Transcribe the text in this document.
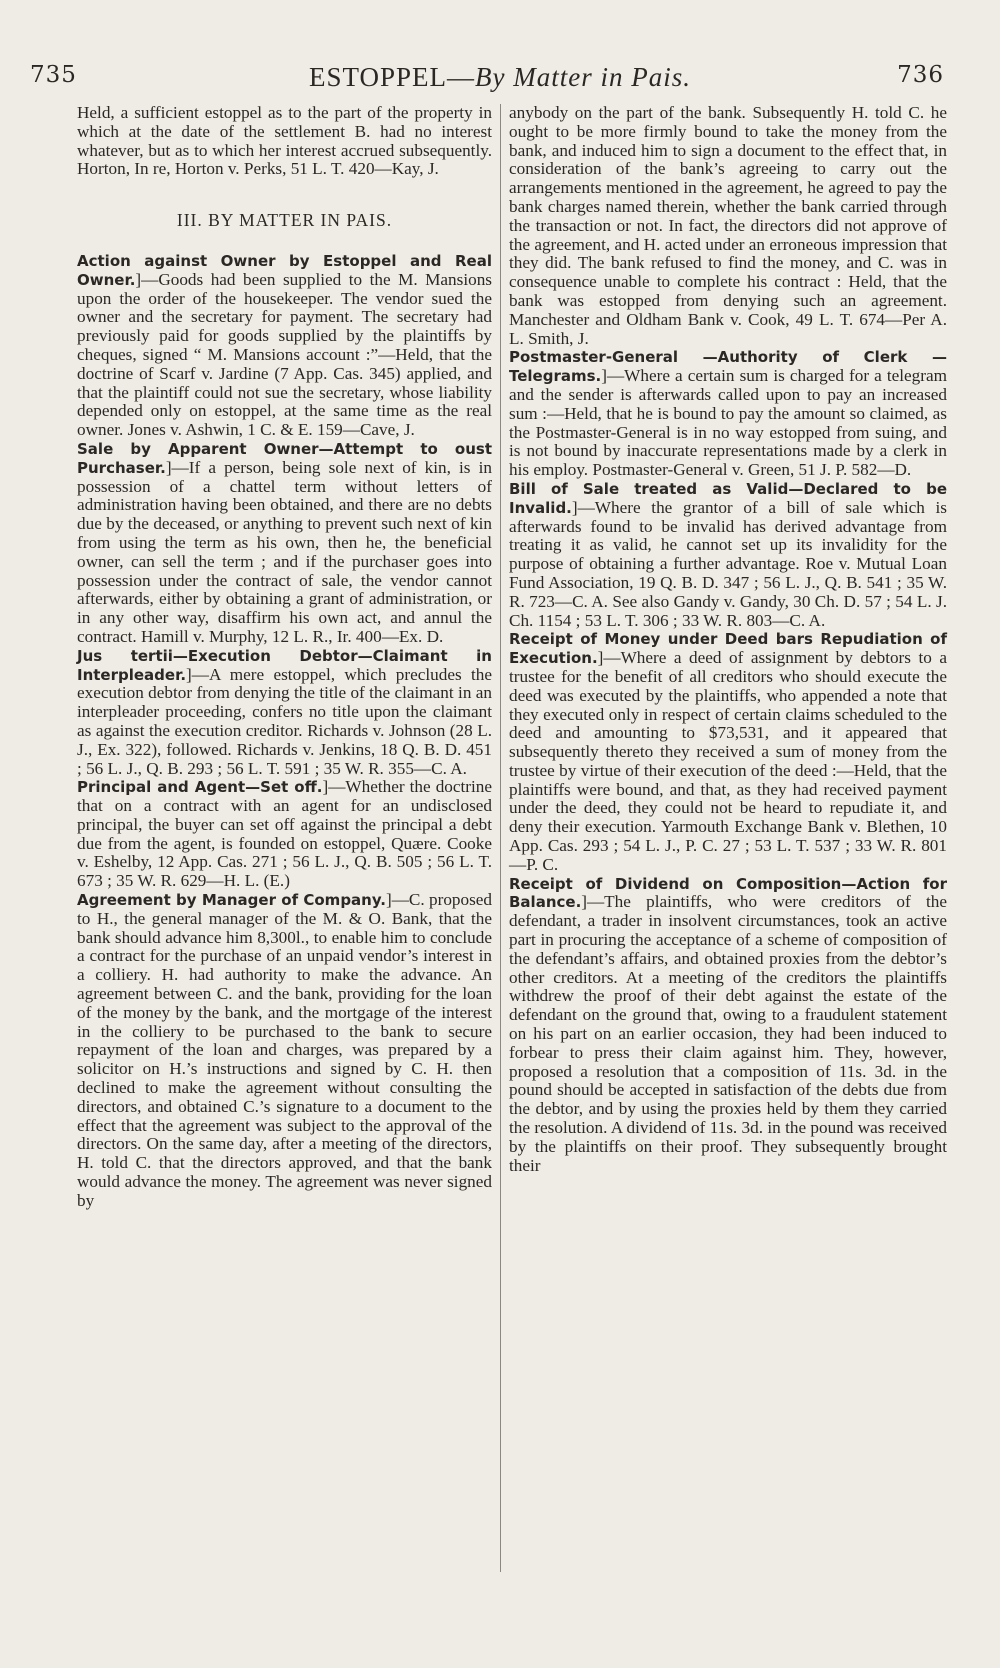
735	ESTOPPEL—By Matter in Pais.	736

Held, a sufficient estoppel as to the part of the property in which at the date of the settlement B. had no interest whatever, but as to which her interest accrued subsequently. Horton, In re, Horton v. Perks, 51 L. T. 420—Kay, J.

III. BY MATTER IN PAIS.

Action against Owner by Estoppel and Real Owner.]—Goods had been supplied to the M. Mansions upon the order of the housekeeper. The vendor sued the owner and the secretary for payment. The secretary had previously paid for goods supplied by the plaintiffs by cheques, signed “ M. Mansions account :”—Held, that the doctrine of Scarf v. Jardine (7 App. Cas. 345) applied, and that the plaintiff could not sue the secretary, whose liability depended only on estoppel, at the same time as the real owner. Jones v. Ashwin, 1 C. & E. 159—Cave, J.

Sale by Apparent Owner—Attempt to oust Purchaser.]—If a person, being sole next of kin, is in possession of a chattel term without letters of administration having been obtained, and there are no debts due by the deceased, or anything to prevent such next of kin from using the term as his own, then he, the beneficial owner, can sell the term ; and if the purchaser goes into possession under the contract of sale, the vendor cannot afterwards, either by obtaining a grant of administration, or in any other way, disaffirm his own act, and annul the contract. Hamill v. Murphy, 12 L. R., Ir. 400—Ex. D.

Jus tertii—Execution Debtor—Claimant in Interpleader.]—A mere estoppel, which precludes the execution debtor from denying the title of the claimant in an interpleader proceeding, confers no title upon the claimant as against the execution creditor. Richards v. Johnson (28 L. J., Ex. 322), followed. Richards v. Jenkins, 18 Q. B. D. 451 ; 56 L. J., Q. B. 293 ; 56 L. T. 591 ; 35 W. R. 355—C. A.

Principal and Agent—Set off.]—Whether the doctrine that on a contract with an agent for an undisclosed principal, the buyer can set off against the principal a debt due from the agent, is founded on estoppel, Quære. Cooke v. Eshelby, 12 App. Cas. 271 ; 56 L. J., Q. B. 505 ; 56 L. T. 673 ; 35 W. R. 629—H. L. (E.)

Agreement by Manager of Company.]—C. proposed to H., the general manager of the M. & O. Bank, that the bank should advance him 8,300l., to enable him to conclude a contract for the purchase of an unpaid vendor’s interest in a colliery. H. had authority to make the advance. An agreement between C. and the bank, providing for the loan of the money by the bank, and the mortgage of the interest in the colliery to be purchased to the bank to secure repayment of the loan and charges, was prepared by a solicitor on H.’s instructions and signed by C. H. then declined to make the agreement without consulting the directors, and obtained C.’s signature to a document to the effect that the agreement was subject to the approval of the directors. On the same day, after a meeting of the directors, H. told C. that the directors approved, and that the bank would advance the money. The agreement was never signed by

anybody on the part of the bank. Subsequently H. told C. he ought to be more firmly bound to take the money from the bank, and induced him to sign a document to the effect that, in consideration of the bank’s agreeing to carry out the arrangements mentioned in the agreement, he agreed to pay the bank charges named therein, whether the bank carried through the transaction or not. In fact, the directors did not approve of the agreement, and H. acted under an erroneous impression that they did. The bank refused to find the money, and C. was in consequence unable to complete his contract : Held, that the bank was estopped from denying such an agreement. Manchester and Oldham Bank v. Cook, 49 L. T. 674—Per A. L. Smith, J.

Postmaster-General —Authority of Clerk —Telegrams.]—Where a certain sum is charged for a telegram and the sender is afterwards called upon to pay an increased sum :—Held, that he is bound to pay the amount so claimed, as the Postmaster-General is in no way estopped from suing, and is not bound by inaccurate representations made by a clerk in his employ. Postmaster-General v. Green, 51 J. P. 582—D.

Bill of Sale treated as Valid—Declared to be Invalid.]—Where the grantor of a bill of sale which is afterwards found to be invalid has derived advantage from treating it as valid, he cannot set up its invalidity for the purpose of obtaining a further advantage. Roe v. Mutual Loan Fund Association, 19 Q. B. D. 347 ; 56 L. J., Q. B. 541 ; 35 W. R. 723—C. A. See also Gandy v. Gandy, 30 Ch. D. 57 ; 54 L. J. Ch. 1154 ; 53 L. T. 306 ; 33 W. R. 803—C. A.

Receipt of Money under Deed bars Repudiation of Execution.]—Where a deed of assignment by debtors to a trustee for the benefit of all creditors who should execute the deed was executed by the plaintiffs, who appended a note that they executed only in respect of certain claims scheduled to the deed and amounting to $73,531, and it appeared that subsequently thereto they received a sum of money from the trustee by virtue of their execution of the deed :—Held, that the plaintiffs were bound, and that, as they had received payment under the deed, they could not be heard to repudiate it, and deny their execution. Yarmouth Exchange Bank v. Blethen, 10 App. Cas. 293 ; 54 L. J., P. C. 27 ; 53 L. T. 537 ; 33 W. R. 801—P. C.

Receipt of Dividend on Composition—Action for Balance.]—The plaintiffs, who were creditors of the defendant, a trader in insolvent circumstances, took an active part in procuring the acceptance of a scheme of composition of the defendant’s affairs, and obtained proxies from the debtor’s other creditors. At a meeting of the creditors the plaintiffs withdrew the proof of their debt against the estate of the defendant on the ground that, owing to a fraudulent statement on his part on an earlier occasion, they had been induced to forbear to press their claim against him. They, however, proposed a resolution that a composition of 11s. 3d. in the pound should be accepted in satisfaction of the debts due from the debtor, and by using the proxies held by them they carried the resolution. A dividend of 11s. 3d. in the pound was received by the plaintiffs on their proof. They subsequently brought their
